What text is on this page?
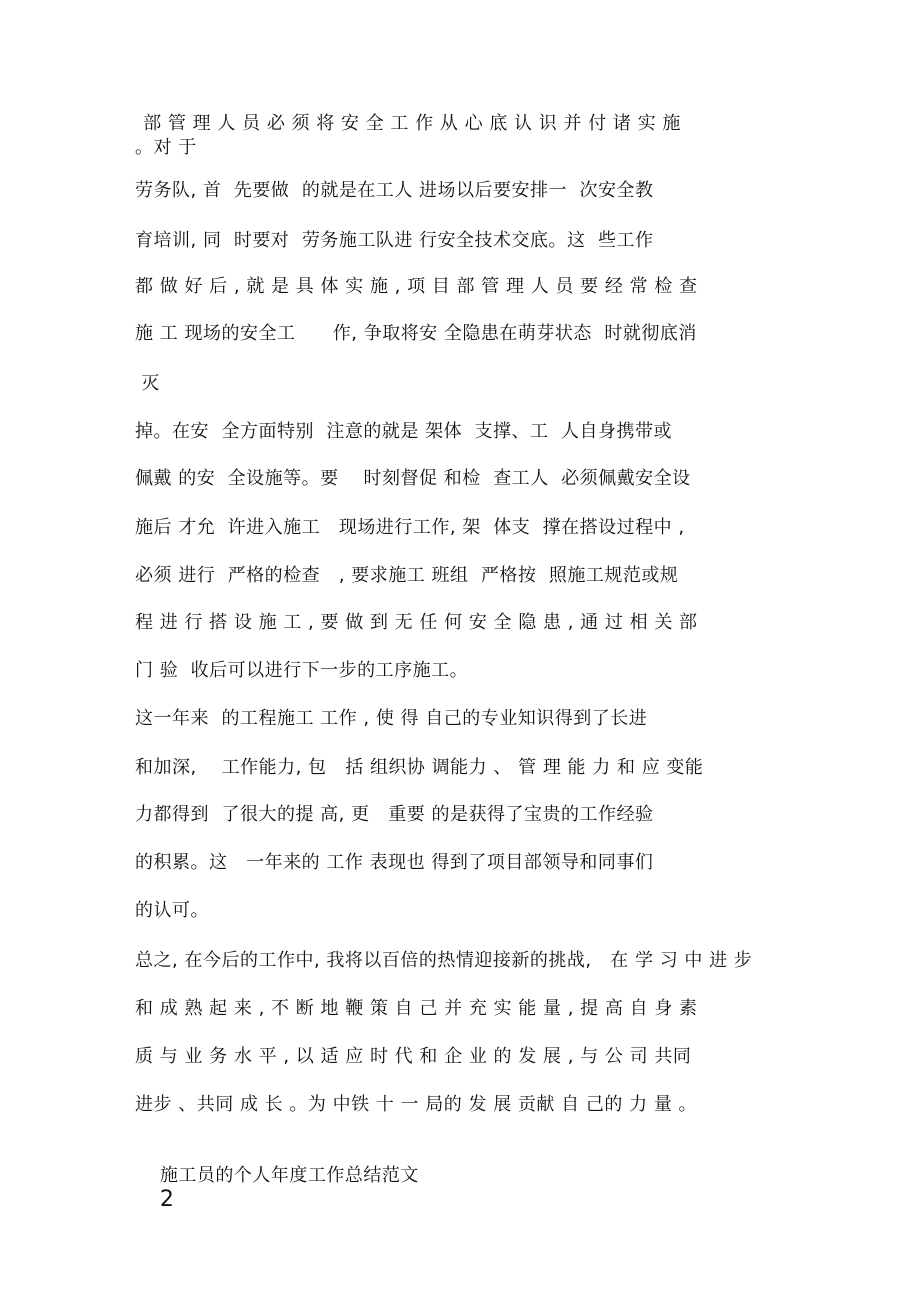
部 管 理 人 员 必 须 将 安 全 工 作 从 心 底 认 识 并 付 诸 实 施
。对 于
劳务队, 首  先要做  的就是在工人 进场以后要安排一  次安全教
育培训, 同  时要对  劳务施工队进 行安全技术交底。这  些工作
都 做 好 后 , 就 是 具 体 实 施 , 项 目 部 管 理 人 员 要 经 常 检 查
施 工 现场的安全工      作, 争取将安 全隐患在萌芽状态  时就彻底消
灭
掉。在安  全方面特别  注意的就是 架体  支撑、工  人自身携带或
佩戴 的安  全设施等。要    时刻督促 和检  查工人  必须佩戴安全设
施后 才允  许进入施工   现场进行工作, 架  体支  撑在搭设过程中 ,
必须 进行  严格的检查   , 要求施工 班组  严格按  照施工规范或规
程 进 行 搭 设 施 工 , 要 做 到 无 任 何 安 全 隐 患 , 通 过 相 关 部
门 验  收后可以进行下一步的工序施工。
这一年来  的工程施工 工作 , 使 得 自己的专业知识得到了长进
和加深,    工作能力, 包   括 组织协 调能力 、 管 理 能 力 和 应 变能
力都得到  了很大的提 高, 更   重要 的是获得了宝贵的工作经验
的积累。这   一年来的 工作 表现也 得到了项目部领导和同事们
的认可。
总之, 在今后的工作中, 我将以百倍的热情迎接新的挑战,   在 学 习 中 进 步
和 成 熟 起 来 , 不 断 地 鞭 策 自 己 并 充 实 能 量 , 提 高 自 身 素
质 与 业 务 水 平 , 以 适 应 时 代 和 企 业 的 发 展 , 与 公 司 共同
进步 、共同 成 长 。为 中铁 十 一 局的 发 展 贡献 自 己的 力 量 。

施工员的个人年度工作总结范文
2
